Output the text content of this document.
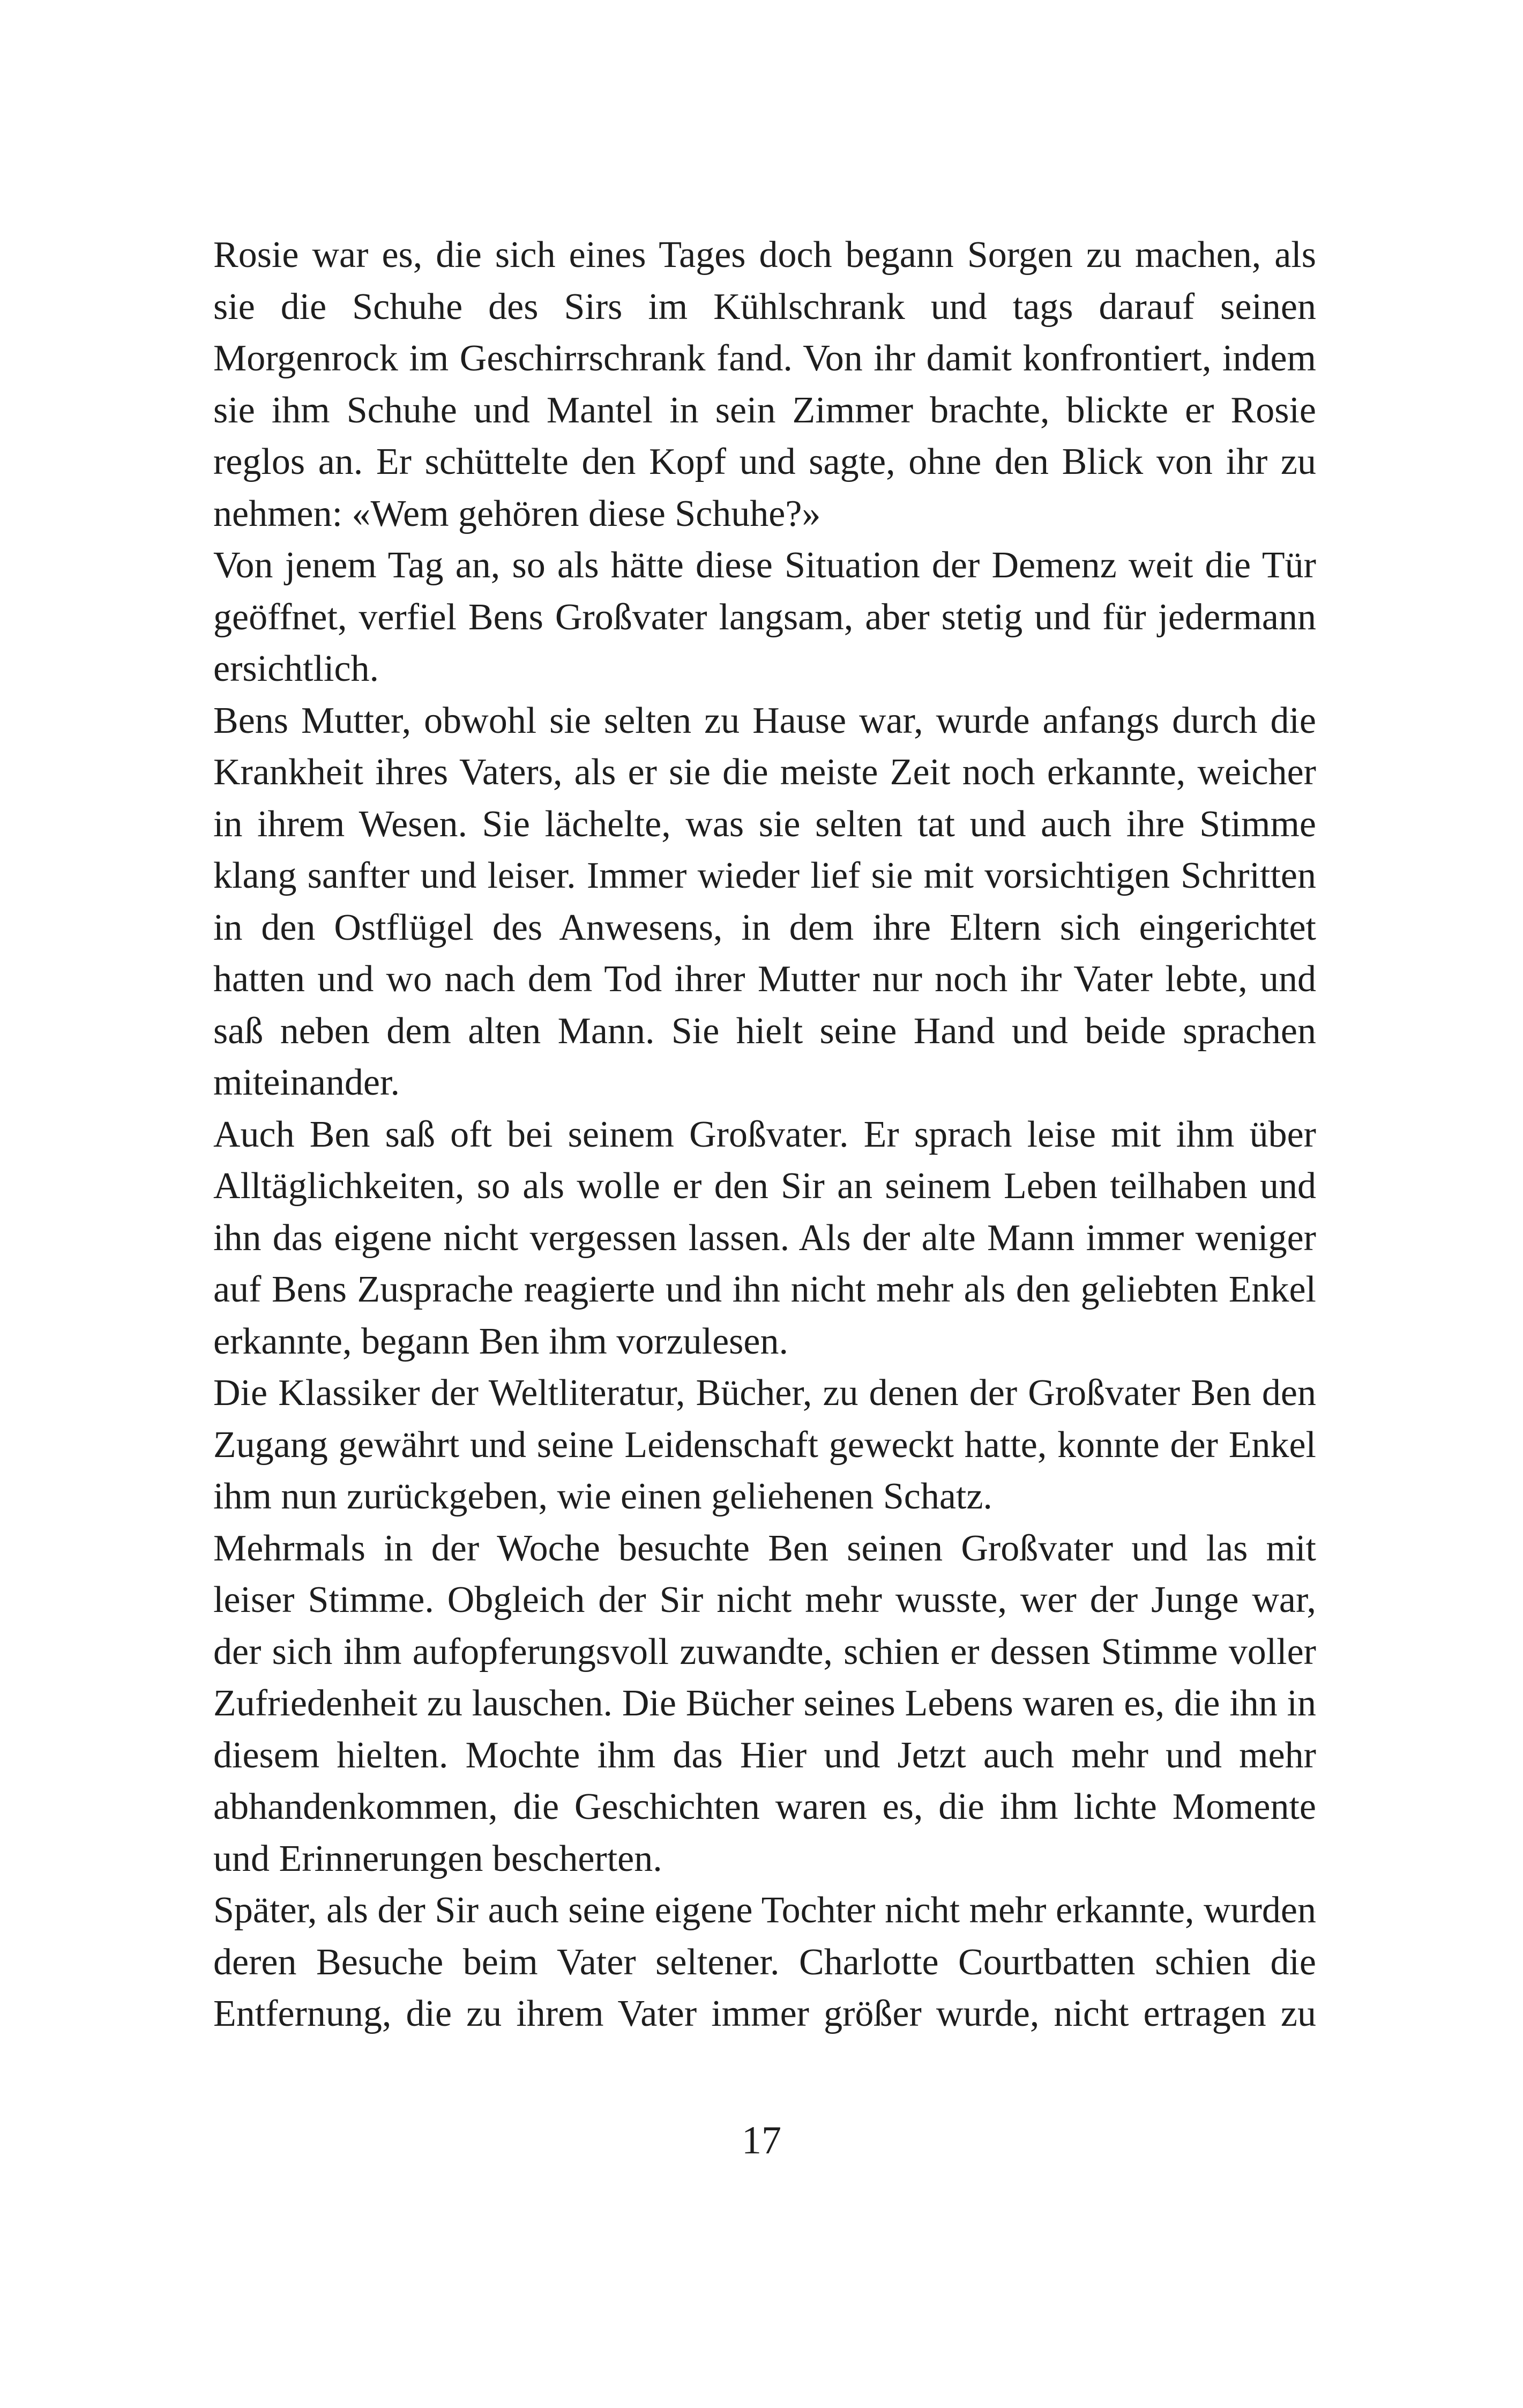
Rosie war es, die sich eines Tages doch begann Sorgen zu machen, als sie die Schuhe des Sirs im Kühlschrank und tags darauf seinen Morgenrock im Geschirrschrank fand. Von ihr damit konfrontiert, indem sie ihm Schuhe und Mantel in sein Zimmer brachte, blickte er Rosie reglos an. Er schüttelte den Kopf und sagte, ohne den Blick von ihr zu nehmen: «Wem gehören diese Schuhe?»

Von jenem Tag an, so als hätte diese Situation der Demenz weit die Tür geöffnet, verfiel Bens Großvater langsam, aber stetig und für jedermann ersichtlich.

Bens Mutter, obwohl sie selten zu Hause war, wurde anfangs durch die Krankheit ihres Vaters, als er sie die meiste Zeit noch erkannte, weicher in ihrem Wesen. Sie lächelte, was sie selten tat und auch ihre Stimme klang sanfter und leiser. Immer wieder lief sie mit vorsichtigen Schritten in den Ostflügel des Anwesens, in dem ihre Eltern sich eingerichtet hatten und wo nach dem Tod ihrer Mutter nur noch ihr Vater lebte, und saß neben dem alten Mann. Sie hielt seine Hand und beide sprachen miteinander.

Auch Ben saß oft bei seinem Großvater. Er sprach leise mit ihm über Alltäglichkeiten, so als wolle er den Sir an seinem Leben teilhaben und ihn das eigene nicht vergessen lassen. Als der alte Mann immer weniger auf Bens Zusprache reagierte und ihn nicht mehr als den geliebten Enkel erkannte, begann Ben ihm vorzulesen.

Die Klassiker der Weltliteratur, Bücher, zu denen der Großvater Ben den Zugang gewährt und seine Leidenschaft geweckt hatte, konnte der Enkel ihm nun zurückgeben, wie einen geliehenen Schatz.

Mehrmals in der Woche besuchte Ben seinen Großvater und las mit leiser Stimme. Obgleich der Sir nicht mehr wusste, wer der Junge war, der sich ihm aufopferungsvoll zuwandte, schien er dessen Stimme voller Zufriedenheit zu lauschen. Die Bücher seines Lebens waren es, die ihn in diesem hielten. Mochte ihm das Hier und Jetzt auch mehr und mehr abhandenkommen, die Geschichten waren es, die ihm lichte Momente und Erinnerungen bescherten.

Später, als der Sir auch seine eigene Tochter nicht mehr erkannte, wurden deren Besuche beim Vater seltener. Charlotte Courtbatten schien die Entfernung, die zu ihrem Vater immer größer wurde, nicht ertragen zu

17
